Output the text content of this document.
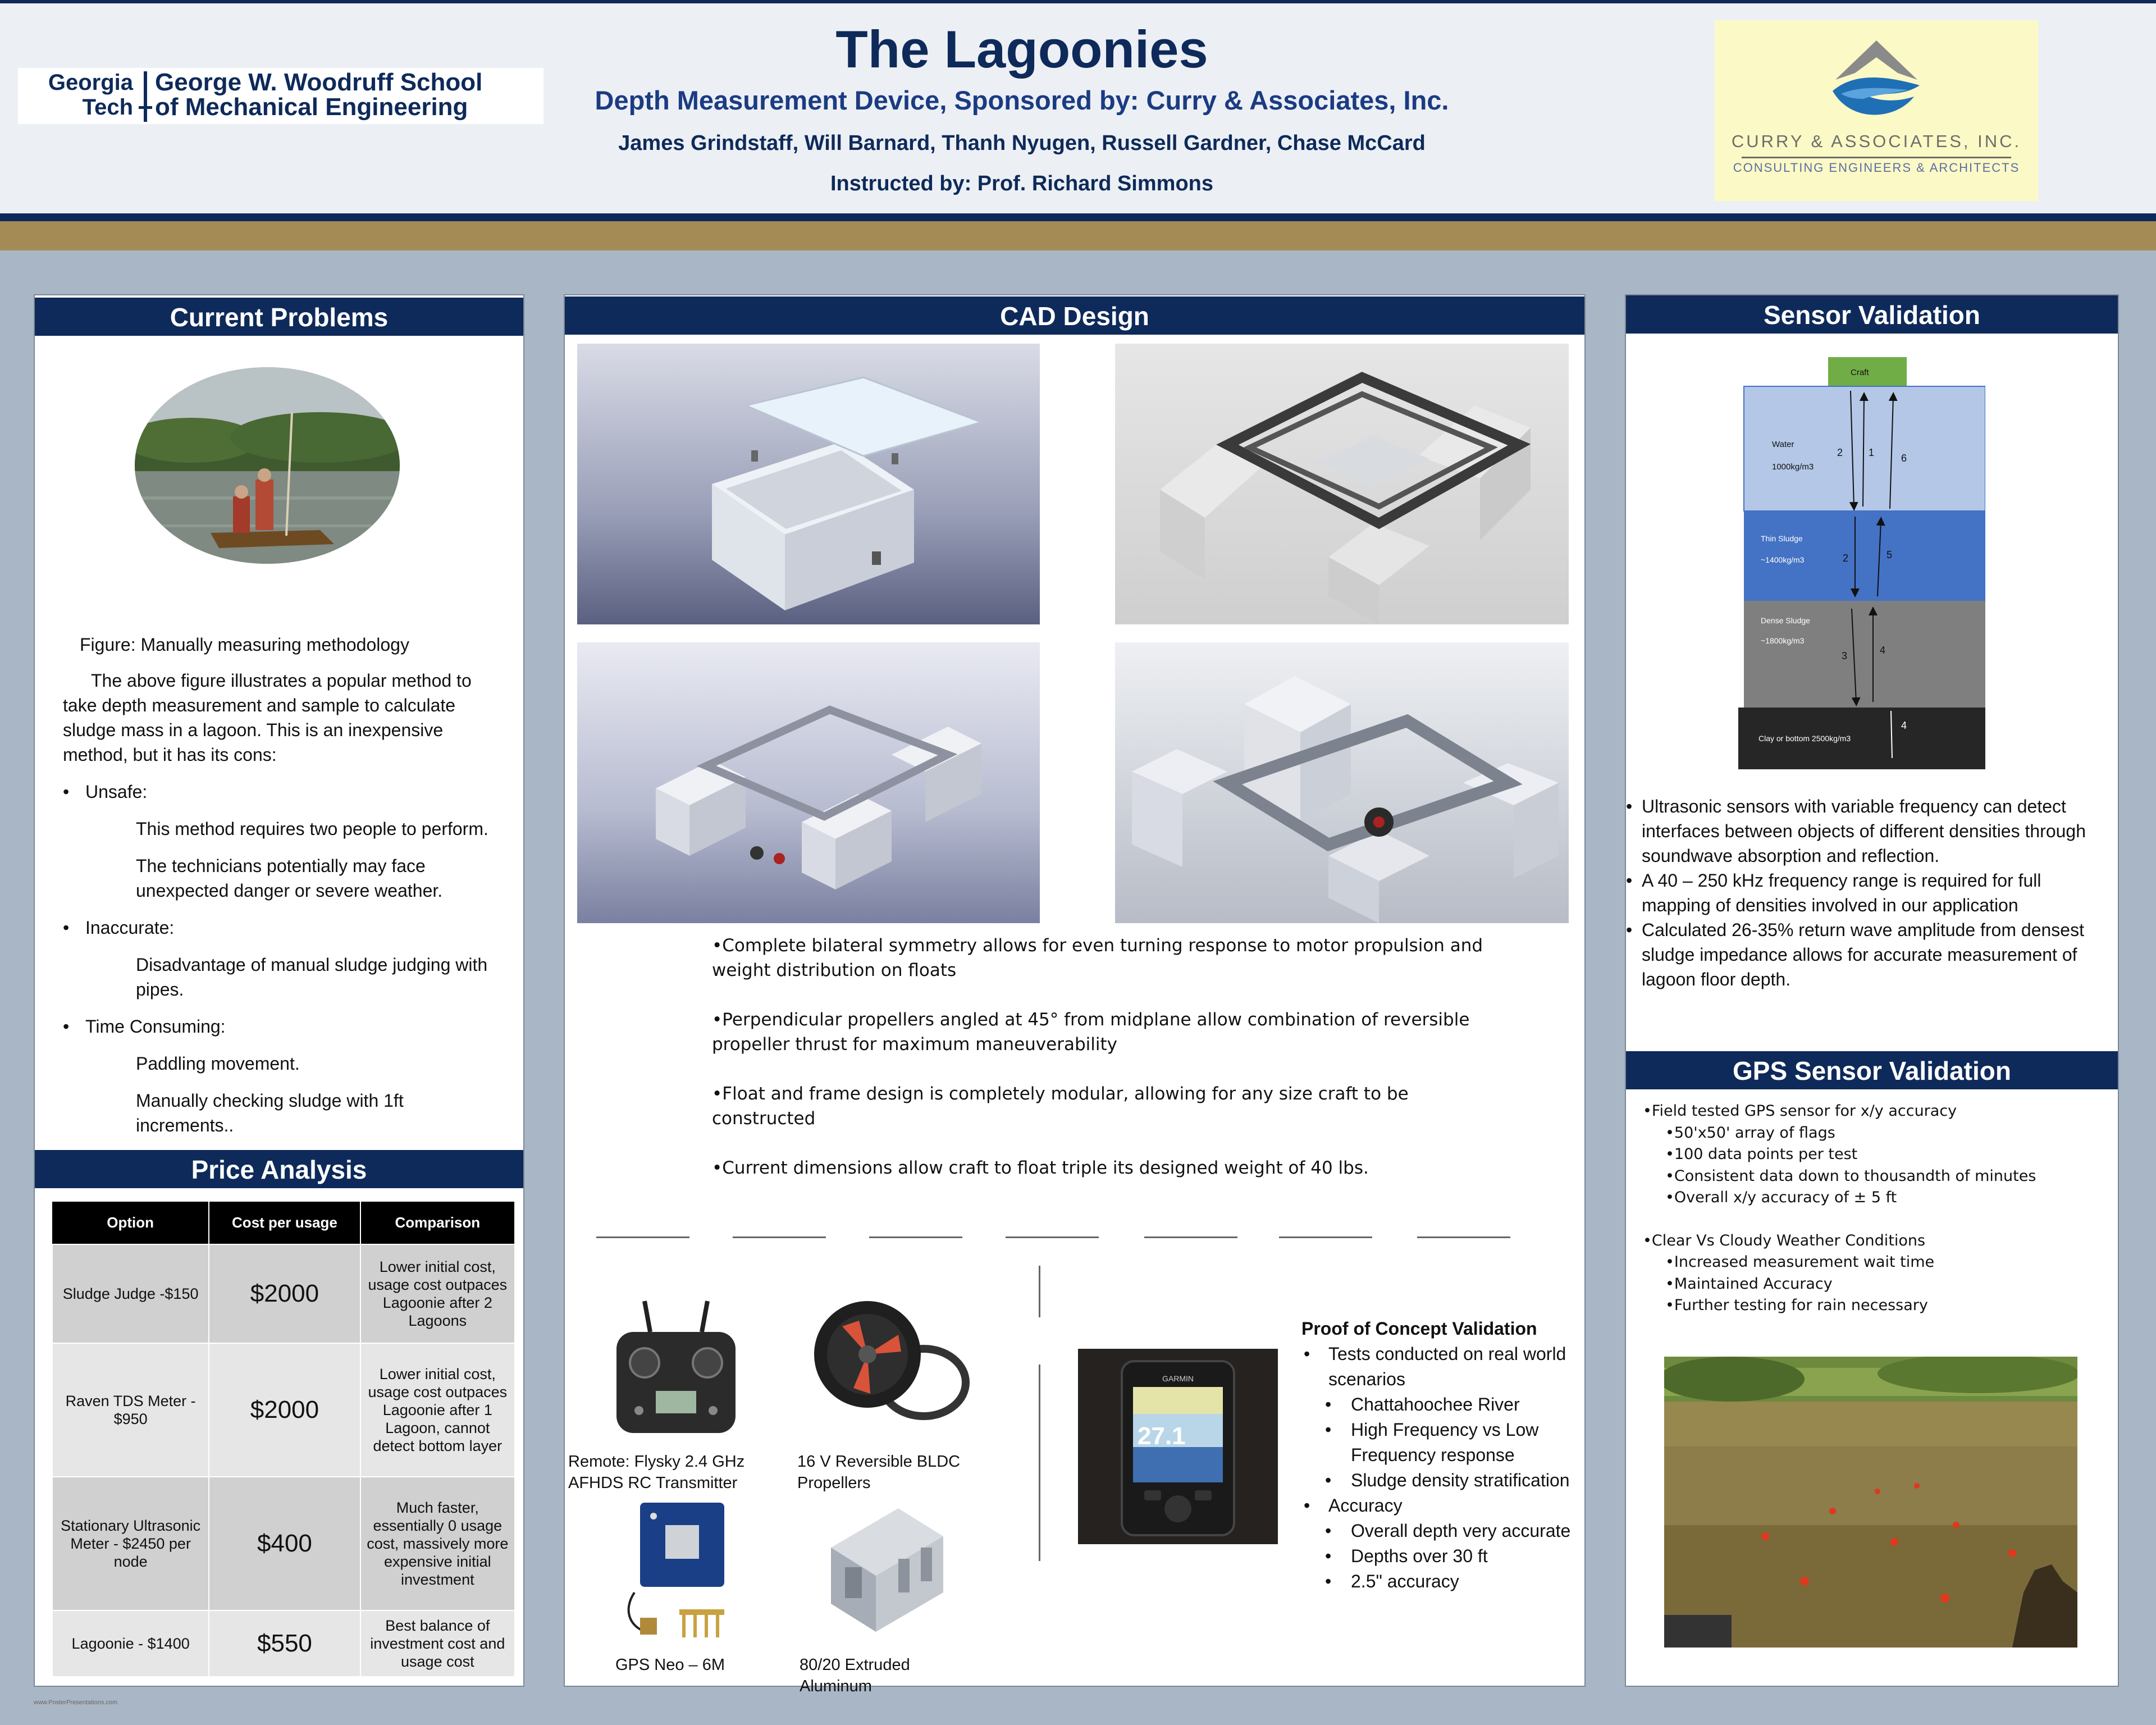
Georgia
Tech
George W. Woodruff School
of Mechanical Engineering
The Lagoonies
Depth Measurement Device, Sponsored by: Curry & Associates, Inc.
James Grindstaff, Will Barnard, Thanh Nyugen, Russell Gardner, Chase McCard
Instructed by: Prof. Richard Simmons
CURRY & ASSOCIATES, INC.
CONSULTING ENGINEERS & ARCHITECTS
Current Problems
Figure: Manually measuring methodology

The above figure illustrates a popular method to take depth measurement and sample to calculate sludge mass in a lagoon. This is an inexpensive method, but it has its cons:

• Unsafe:

This method requires two people to perform.

The technicians potentially may face unexpected danger or severe weather.

• Inaccurate:

Disadvantage of manual sludge judging with pipes.

• Time Consuming:

Paddling movement.

Manually checking sludge with 1ft increments..

Price Analysis
Option	Cost per usage	Comparison
Sludge Judge -$150	$2000	Lower initial cost, usage cost outpaces Lagoonie after 2 Lagoons
Raven TDS Meter - $950	$2000	Lower initial cost, usage cost outpaces Lagoonie after 1 Lagoon, cannot detect bottom layer
Stationary Ultrasonic Meter - $2450 per node	$400	Much faster, essentially 0 usage cost, massively more expensive initial investment
Lagoonie - $1400	$550	Best balance of investment cost and usage cost
CAD Design

•Complete bilateral symmetry allows for even turning response to motor propulsion and weight distribution on floats

•Perpendicular propellers angled at 45° from midplane allow combination of reversible propeller thrust for maximum maneuverability

•Float and frame design is completely modular, allowing for any size craft to be constructed

•Current dimensions allow craft to float triple its designed weight of 40 lbs.

Remote: Flysky 2.4 GHz AFHDS RC Transmitter
16 V Reversible BLDC Propellers
GPS Neo – 6M	80/20 Extruded Aluminum
27.1
GARMIN
Proof of Concept Validation
• Tests conducted on real world scenarios
• Chattahoochee River
• High Frequency vs Low Frequency response
• Sludge density stratification
• Accuracy
• Overall depth very accurate
• Depths over 30 ft
• 2.5" accuracy
Sensor Validation
Craft
Water
1000kg/m3
Thin Sludge
~1400kg/m3
Dense Sludge
~1800kg/m3
Clay or bottom 2500kg/m3
2	1	6
2	5
3	4
4

• Ultrasonic sensors with variable frequency can detect interfaces between objects of different densities through soundwave absorption and reflection.

• A 40 – 250 kHz frequency range is required for full mapping of densities involved in our application

• Calculated 26-35% return wave amplitude from densest sludge impedance allows for accurate measurement of lagoon floor depth.

GPS Sensor Validation
•Field tested GPS sensor for x/y accuracy
•50'x50' array of flags
•100 data points per test
•Consistent data down to thousandth of minutes
•Overall x/y accuracy of ± 5 ft
•Clear Vs Cloudy Weather Conditions
•Increased measurement wait time
•Maintained Accuracy
•Further testing for rain necessary
www.PosterPresentations.com
